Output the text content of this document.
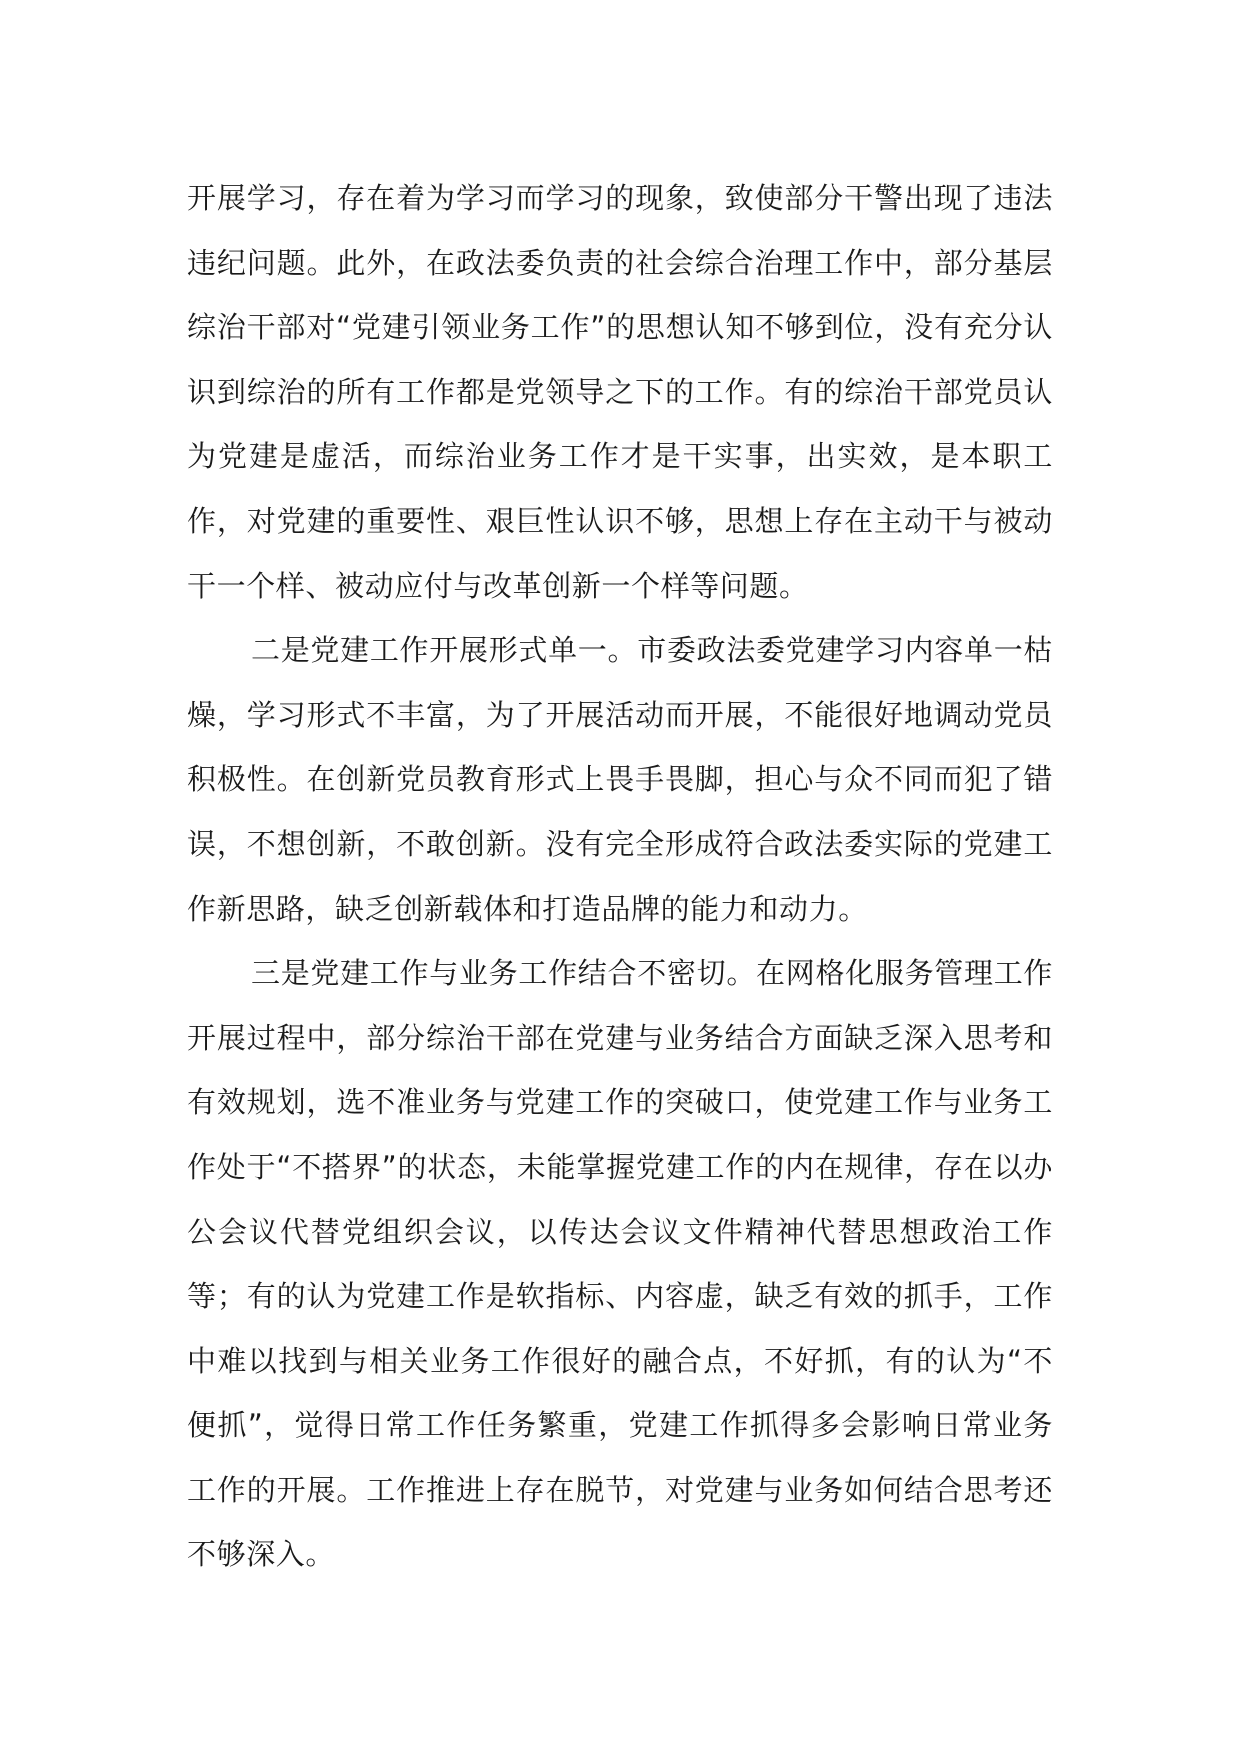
开展学习，存在着为学习而学习的现象，致使部分干警出现了违法违纪问题。此外，在政法委负责的社会综合治理工作中，部分基层综治干部对“党建引领业务工作”的思想认知不够到位，没有充分认识到综治的所有工作都是党领导之下的工作。有的综治干部党员认为党建是虚活，而综治业务工作才是干实事，出实效，是本职工作，对党建的重要性、艰巨性认识不够，思想上存在主动干与被动干一个样、被动应付与改革创新一个样等问题。

二是党建工作开展形式单一。市委政法委党建学习内容单一枯燥，学习形式不丰富，为了开展活动而开展，不能很好地调动党员积极性。在创新党员教育形式上畏手畏脚，担心与众不同而犯了错误，不想创新，不敢创新。没有完全形成符合政法委实际的党建工作新思路，缺乏创新载体和打造品牌的能力和动力。

三是党建工作与业务工作结合不密切。在网格化服务管理工作开展过程中，部分综治干部在党建与业务结合方面缺乏深入思考和有效规划，选不准业务与党建工作的突破口，使党建工作与业务工作处于“不搭界”的状态，未能掌握党建工作的内在规律，存在以办公会议代替党组织会议，以传达会议文件精神代替思想政治工作等；有的认为党建工作是软指标、内容虚，缺乏有效的抓手，工作中难以找到与相关业务工作很好的融合点，不好抓，有的认为“不便抓”，觉得日常工作任务繁重，党建工作抓得多会影响日常业务工作的开展。工作推进上存在脱节，对党建与业务如何结合思考还不够深入。
